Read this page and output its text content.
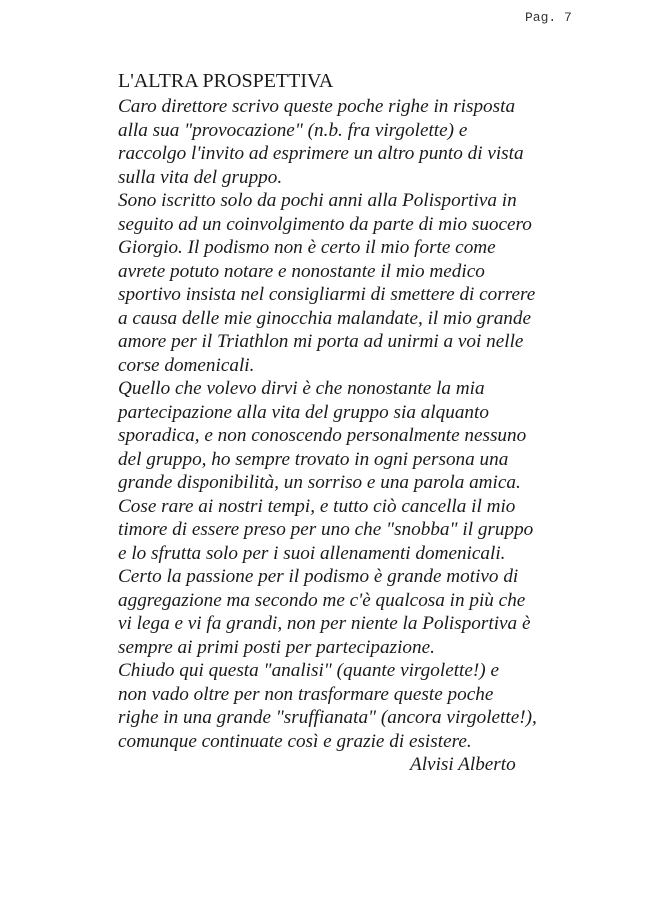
Pag. 7
L'ALTRA PROSPETTIVA
Caro direttore scrivo queste poche righe in risposta
alla sua "provocazione" (n.b. fra virgolette) e
raccolgo l'invito ad esprimere un altro punto di vista
sulla vita del gruppo.
Sono iscritto solo da pochi anni alla Polisportiva in
seguito ad un coinvolgimento da parte di mio suocero
Giorgio. Il podismo non è certo il mio forte come
avrete potuto notare e nonostante il mio medico
sportivo insista nel consigliarmi di smettere di correre
a causa delle mie ginocchia malandate, il mio grande
amore per il Triathlon mi porta ad unirmi a voi nelle
corse domenicali.
Quello che volevo dirvi è che nonostante la mia
partecipazione alla vita del gruppo sia alquanto
sporadica, e non conoscendo personalmente nessuno
del gruppo, ho sempre trovato in ogni persona una
grande disponibilità, un sorriso e una parola amica.
Cose rare ai nostri tempi, e tutto ciò cancella il mio
timore di essere preso per uno che "snobba" il gruppo
e lo sfrutta solo per i suoi allenamenti domenicali.
Certo la passione per il podismo è grande motivo di
aggregazione ma secondo me c'è qualcosa in più che
vi lega e vi fa grandi, non per niente la Polisportiva è
sempre ai primi posti per partecipazione.
Chiudo qui questa "analisi" (quante virgolette!) e
non vado oltre per non trasformare queste poche
righe in una grande "sruffianata" (ancora virgolette!),
comunque continuate così e grazie di esistere.
Alvisi Alberto
